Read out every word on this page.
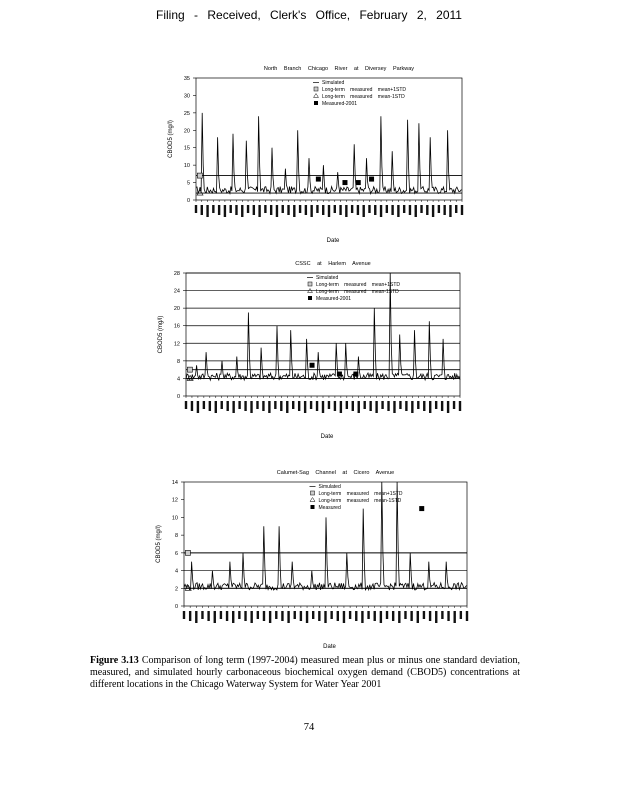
Filing - Received, Clerk's Office, February 2, 2011
North Branch Chicago River at Diversey Parkway
0
5
10
15
20
25
30
35
CBOD5 (mg/l)
Date
Simulated
Long-term measured mean+1STD
Long-term measured mean-1STD
Measured-2001
CSSC at Harlem Avenue
0
4
8
12
16
20
24
28
CBOD5 (mg/l)
Date
Simulated
Long-term measured mean+1STD
Long-term measured mean-1STD
Measured-2001
Calumet-Sag Channel at Cicero Avenue
0
2
4
6
8
10
12
14
CBOD5 (mg/l)
Date
Simulated
Long-term measured mean+1STD
Long-term measured mean-1STD
Measured
Figure 3.13 Comparison of long term (1997-2004) measured mean plus or minus one standard deviation, measured, and simulated hourly carbonaceous biochemical oxygen demand (CBOD5) concentrations at different locations in the Chicago Waterway System for Water Year 2001
74
